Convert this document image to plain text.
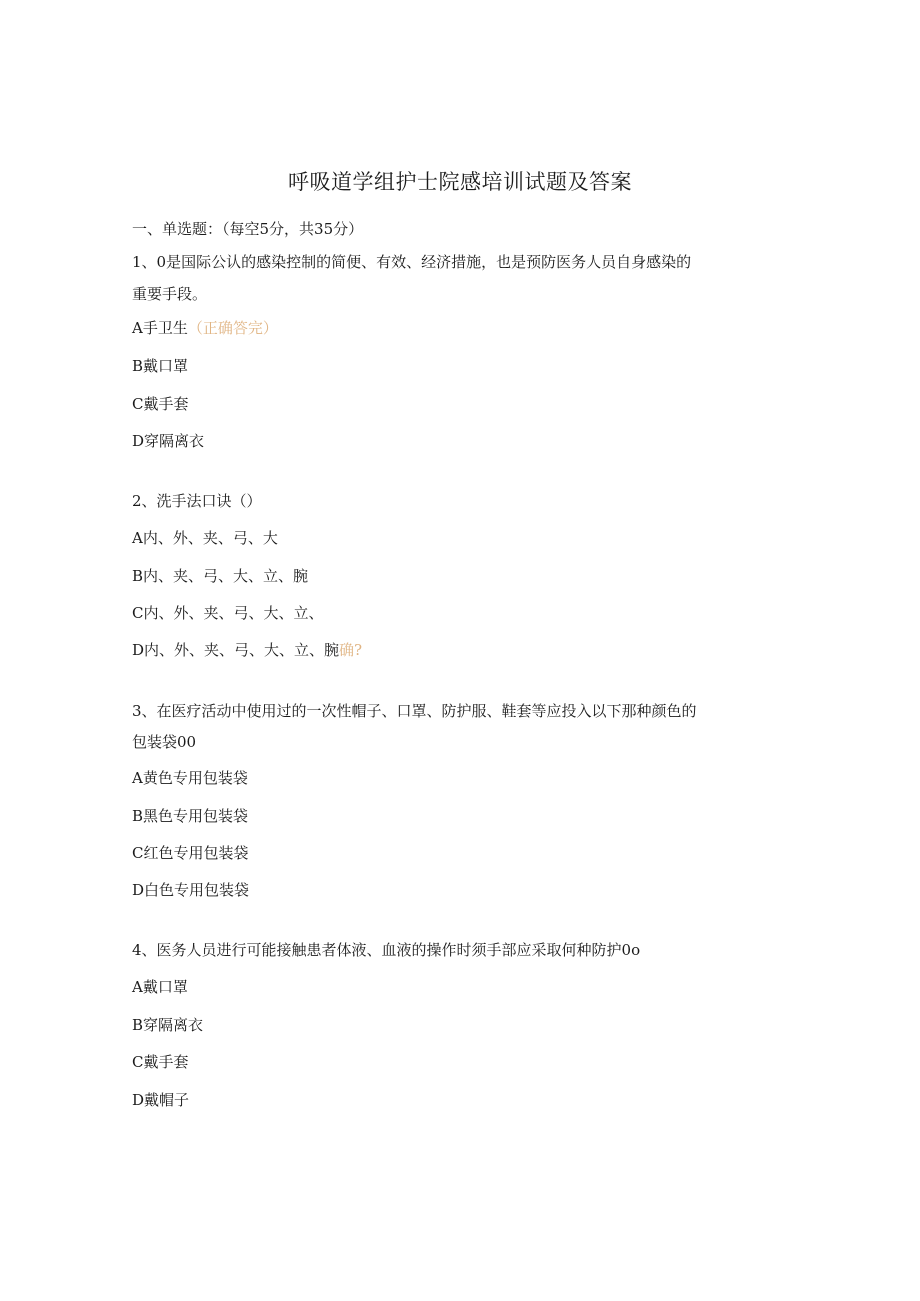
呼吸道学组护士院感培训试题及答案
一、单选题：（每空5分，共35分）
1、0是国际公认的感染控制的简便、有效、经济措施，也是预防医务人员自身感染的
重要手段。
A手卫生（正确答完）
B戴口罩
C戴手套
D穿隔离衣
2、洗手法口诀（）
A内、外、夹、弓、大
B内、夹、弓、大、立、腕
C内、外、夹、弓、大、立、
D内、外、夹、弓、大、立、腕确?
3、在医疗活动中使用过的一次性帽子、口罩、防护服、鞋套等应投入以下那种颜色的
包装袋00
A黄色专用包装袋
B黑色专用包装袋
C红色专用包装袋
D白色专用包装袋
4、医务人员进行可能接触患者体液、血液的操作时须手部应采取何种防护0o
A戴口罩
B穿隔离衣
C戴手套
D戴帽子
